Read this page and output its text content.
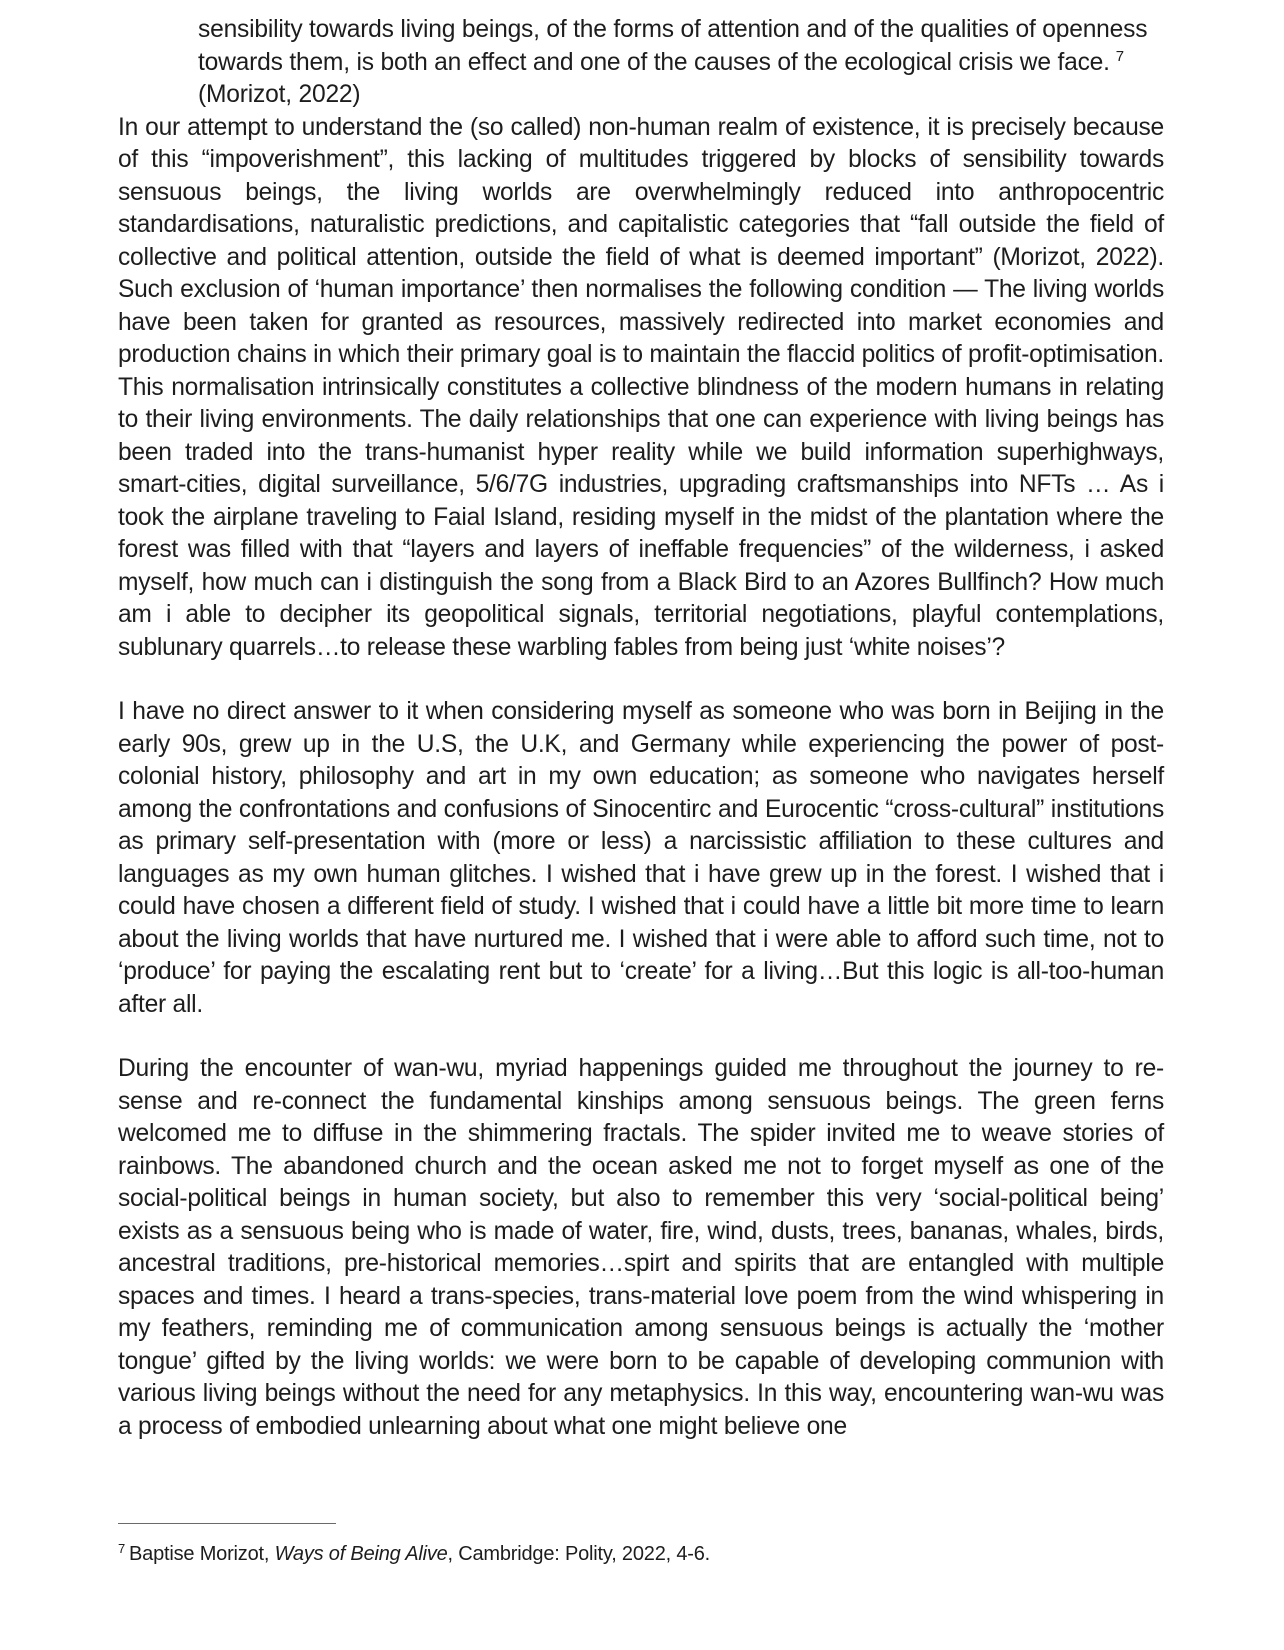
sensibility towards living beings, of the forms of attention and of the qualities of openness towards them, is both an effect and one of the causes of the ecological crisis we face. $^7$
(Morizot, 2022)

In our attempt to understand the (so called) non-human realm of existence, it is precisely because of this “impoverishment”, this lacking of multitudes triggered by blocks of sensibility towards sensuous beings, the living worlds are overwhelmingly reduced into anthropocentric standardisations, naturalistic predictions, and capitalistic categories that “fall outside the field of collective and political attention, outside the field of what is deemed important” (Morizot, 2022). Such exclusion of ‘human importance’ then normalises the following condition — The living worlds have been taken for granted as resources, massively redirected into market economies and production chains in which their primary goal is to maintain the flaccid politics of profit-optimisation. This normalisation intrinsically constitutes a collective blindness of the modern humans in relating to their living environments. The daily relationships that one can experience with living beings has been traded into the trans-humanist hyper reality while we build information superhighways, smart-cities, digital surveillance, 5/6/7G industries, upgrading craftsmanships into NFTs … As i took the airplane traveling to Faial Island, residing myself in the midst of the plantation where the forest was filled with that “layers and layers of ineffable frequencies” of the wilderness, i asked myself, how much can i distinguish the song from a Black Bird to an Azores Bullfinch? How much am i able to decipher its geopolitical signals, territorial negotiations, playful contemplations, sublunary quarrels…to release these warbling fables from being just ‘white noises’?

I have no direct answer to it when considering myself as someone who was born in Beijing in the early 90s, grew up in the U.S, the U.K, and Germany while experiencing the power of post-colonial history, philosophy and art in my own education; as someone who navigates herself among the confrontations and confusions of Sinocentirc and Eurocentic “cross-cultural” institutions as primary self-presentation with (more or less) a narcissistic affiliation to these cultures and languages as my own human glitches. I wished that i have grew up in the forest. I wished that i could have chosen a different field of study. I wished that i could have a little bit more time to learn about the living worlds that have nurtured me. I wished that i were able to afford such time, not to ‘produce’ for paying the escalating rent but to ‘create’ for a living…But this logic is all-too-human after all.

During the encounter of wan-wu, myriad happenings guided me throughout the journey to re-sense and re-connect the fundamental kinships among sensuous beings. The green ferns welcomed me to diffuse in the shimmering fractals. The spider invited me to weave stories of rainbows. The abandoned church and the ocean asked me not to forget myself as one of the social-political beings in human society, but also to remember this very ‘social-political being’ exists as a sensuous being who is made of water, fire, wind, dusts, trees, bananas, whales, birds, ancestral traditions, pre-historical memories…spirt and spirits that are entangled with multiple spaces and times. I heard a trans-species, trans-material love poem from the wind whispering in my feathers, reminding me of communication among sensuous beings is actually the ‘mother tongue’ gifted by the living worlds: we were born to be capable of developing communion with various living beings without the need for any metaphysics. In this way, encountering wan-wu was a process of embodied unlearning about what one might believe one

$^7$ Baptise Morizot, Ways of Being Alive, Cambridge: Polity, 2022, 4-6.
